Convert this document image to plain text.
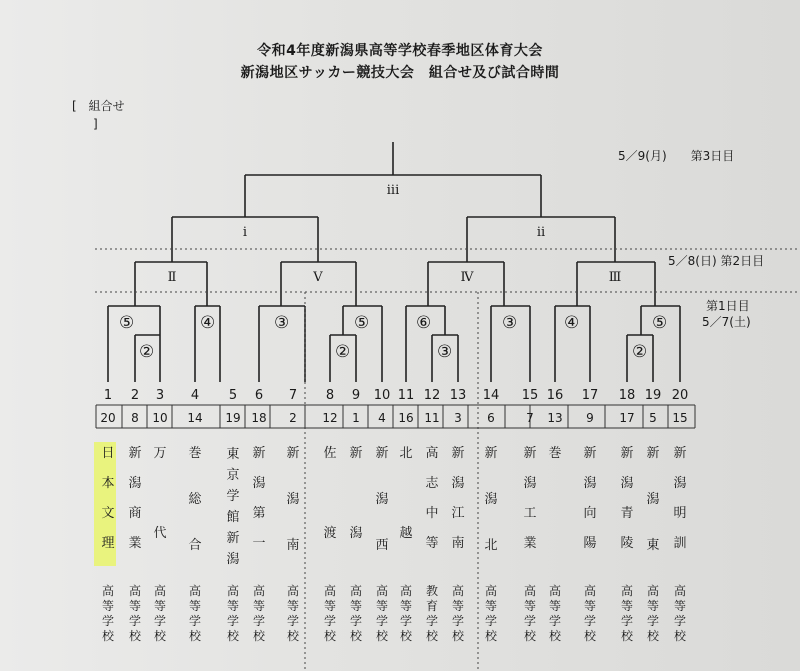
令和4年度新潟県高等学校春季地区体育大会
新潟地区サッカー競技大会　組合せ及び試合時間
[　組合せ
]
5／9(月)　　第3日目
5／8(日) 第2日目
第1日目
5／7(土)
iii
i	ii
Ⅱ	Ⅴ	Ⅳ	Ⅲ
⑤
②
④	③	⑤
②
⑥
③
③	④	⑤
②
1
20
日本文理
高等学校
2
8
新潟商業
高等学校
3
10
万代
高等学校
4
14
巻総合
高等学校
5
19
東京学館新潟
高等学校
6
18
新潟第一
高等学校
7
2
新潟南
高等学校
8
12
佐渡
高等学校
9
1
新潟
高等学校
10
4
新潟西
高等学校
11
16
北越
高等学校
12
11
高志中等
教育学校
13
3
新潟江南
高等学校
14
6
新潟北
高等学校
15
7
新潟工業
高等学校
16
13
巻
高等学校
17
9
新潟向陽
高等学校
18
17
新潟青陵
高等学校
19
5
新潟東
高等学校
20
15
新潟明訓
高等学校
